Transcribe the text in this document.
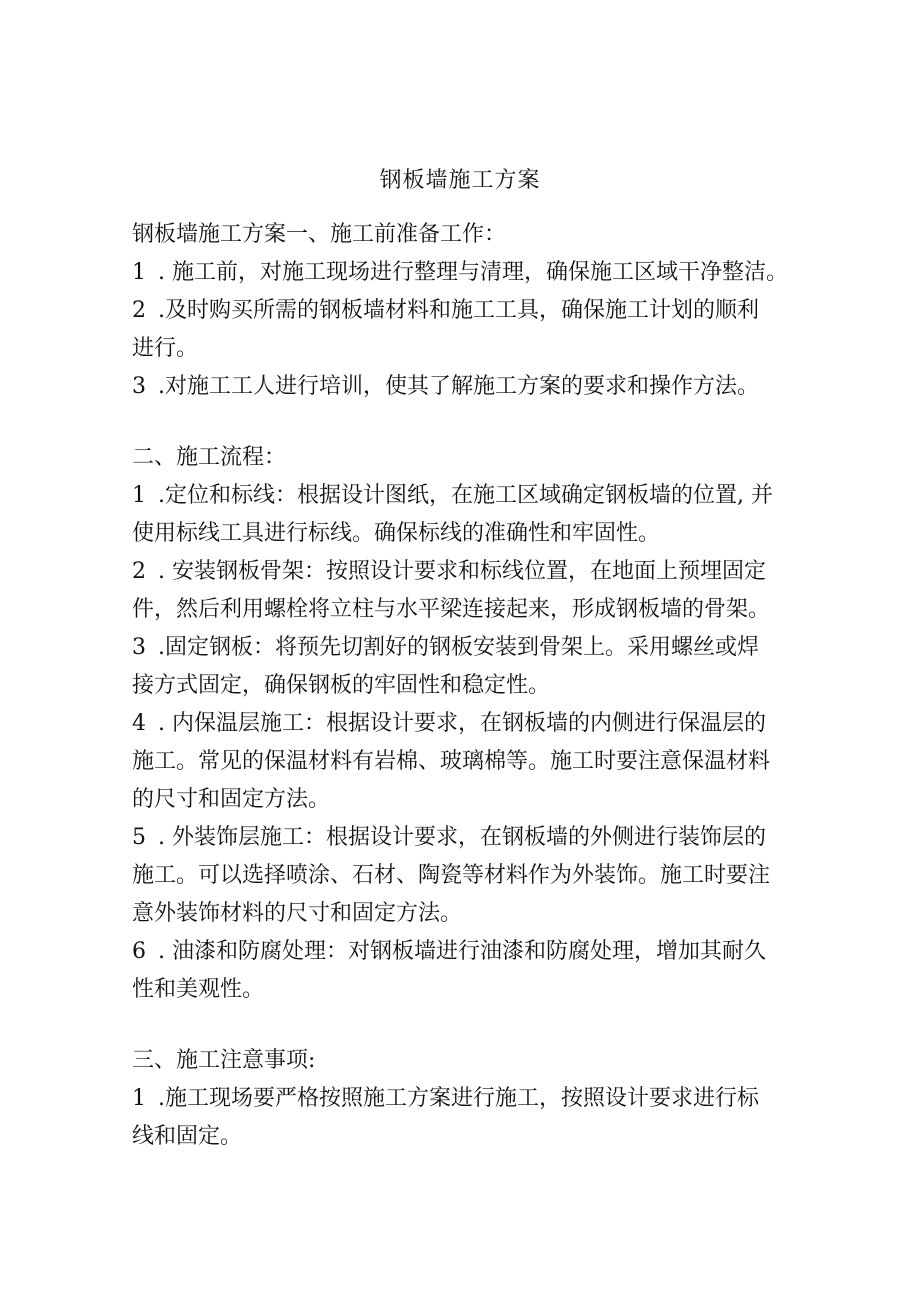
钢板墙施工方案

钢板墙施工方案一、施工前准备工作：

1 . 施工前，对施工现场进行整理与清理，确保施工区域干净整洁。

2 .及时购买所需的钢板墙材料和施工工具，确保施工计划的顺利

进行。

3 .对施工工人进行培训，使其了解施工方案的要求和操作方法。

二、施工流程：

1 .定位和标线：根据设计图纸，在施工区域确定钢板墙的位置, 并

使用标线工具进行标线。确保标线的准确性和牢固性。

2 . 安装钢板骨架：按照设计要求和标线位置，在地面上预埋固定

件，然后利用螺栓将立柱与水平梁连接起来，形成钢板墙的骨架。

3 .固定钢板：将预先切割好的钢板安装到骨架上。采用螺丝或焊

接方式固定，确保钢板的牢固性和稳定性。

4 . 内保温层施工：根据设计要求，在钢板墙的内侧进行保温层的

施工。常见的保温材料有岩棉、玻璃棉等。施工时要注意保温材料

的尺寸和固定方法。

5 . 外装饰层施工：根据设计要求，在钢板墙的外侧进行装饰层的

施工。可以选择喷涂、石材、陶瓷等材料作为外装饰。施工时要注

意外装饰材料的尺寸和固定方法。

6 . 油漆和防腐处理：对钢板墙进行油漆和防腐处理，增加其耐久

性和美观性。

三、施工注意事项:

1 .施工现场要严格按照施工方案进行施工，按照设计要求进行标

线和固定。
